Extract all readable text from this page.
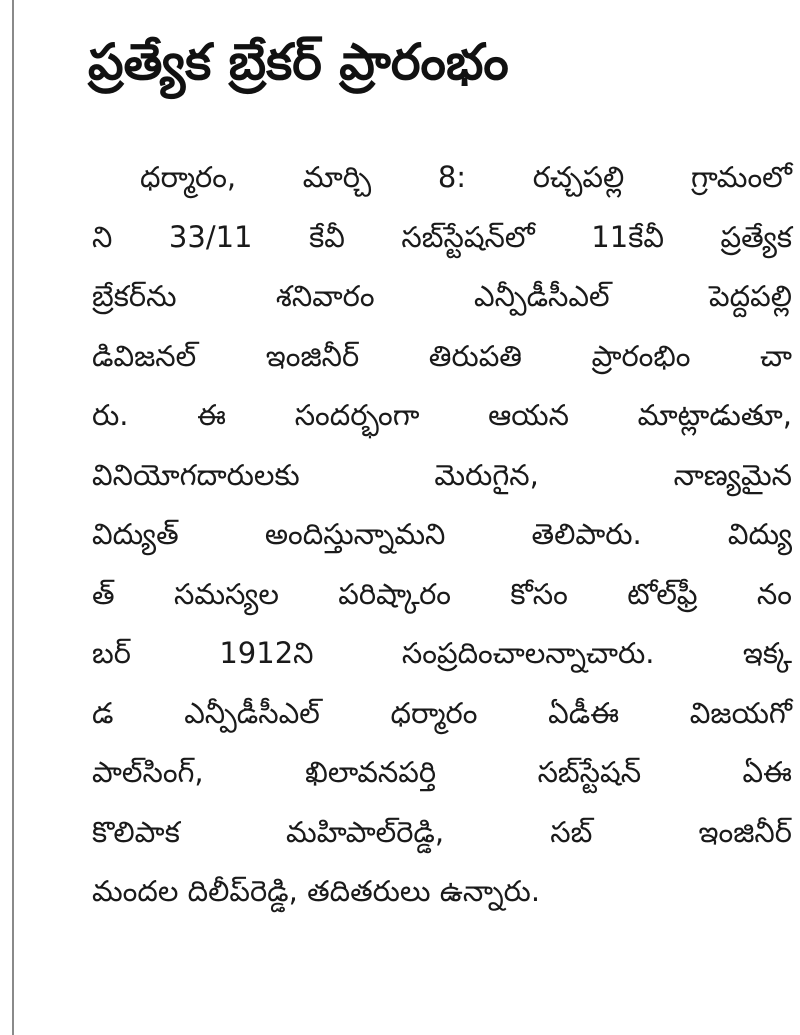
ప్రత్యేక బ్రేకర్ ప్రారంభం
ధర్మారం, మార్చి 8: రచ్చపల్లి గ్రామంలో
ని 33/11 కేవీ సబ్‌స్టేషన్‌లో 11కేవీ ప్రత్యేక
బ్రేకర్‌ను శనివారం ఎన్పీడీసీఎల్ పెద్దపల్లి
డివిజనల్ ఇంజినీర్ తిరుపతి ప్రారంభిం చా
రు. ఈ సందర్భంగా ఆయన మాట్లాడుతూ,
వినియోగదారులకు మెరుగైన, నాణ్యమైన
విద్యుత్ అందిస్తున్నామని తెలిపారు. విద్యు
త్ సమస్యల పరిష్కారం కోసం టోల్‌ఫ్రీ నం
బర్ 1912ని సంప్రదించాలన్నాచారు. ఇక్క
డ ఎన్పీడీసీఎల్ ధర్మారం ఏడీఈ విజయగో
పాల్‌సింగ్, ఖిలావనపర్తి సబ్‌స్టేషన్ ఏఈ
కొలిపాక మహిపాల్‌రెడ్డి, సబ్ ఇంజినీర్
మందల దిలీప్‌రెడ్డి, తదితరులు ఉన్నారు.
